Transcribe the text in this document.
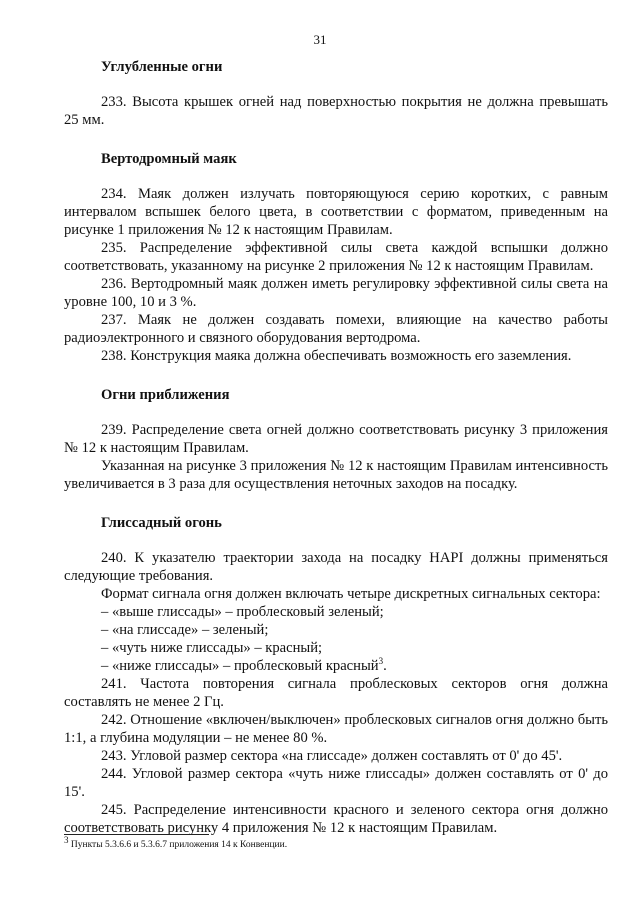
31

Углубленные огни

233. Высота крышек огней над поверхностью покрытия не должна превышать 25 мм.

Вертодромный маяк

234. Маяк должен излучать повторяющуюся серию коротких, с равным интервалом вспышек белого цвета, в соответствии с форматом, приведенным на рисунке 1 приложения № 12 к настоящим Правилам.

235. Распределение эффективной силы света каждой вспышки должно соответствовать, указанному на рисунке 2 приложения № 12 к настоящим Правилам.

236. Вертодромный маяк должен иметь регулировку эффективной силы света на уровне 100, 10 и 3 %.

237. Маяк не должен создавать помехи, влияющие на качество работы радиоэлектронного и связного оборудования вертодрома.

238. Конструкция маяка должна обеспечивать возможность его заземления.

Огни приближения

239. Распределение света огней должно соответствовать рисунку 3 приложения № 12 к настоящим Правилам.

Указанная на рисунке 3 приложения № 12 к настоящим Правилам интенсивность увеличивается в 3 раза для осуществления неточных заходов на посадку.

Глиссадный огонь

240. К указателю траектории захода на посадку HAPI должны применяться следующие требования.

Формат сигнала огня должен включать четыре дискретных сигнальных сектора:

– «выше глиссады» – проблесковый зеленый;

– «на глиссаде» – зеленый;

– «чуть ниже глиссады» – красный;

– «ниже глиссады» – проблесковый красный$^3$.

241. Частота повторения сигнала проблесковых секторов огня должна составлять не менее 2 Гц.

242. Отношение «включен/выключен» проблесковых сигналов огня должно быть 1:1, а глубина модуляции – не менее 80 %.

243. Угловой размер сектора «на глиссаде» должен составлять от 0' до 45'.

244. Угловой размер сектора «чуть ниже глиссады» должен составлять от 0' до 15'.

245. Распределение интенсивности красного и зеленого сектора огня должно соответствовать рисунку 4 приложения № 12 к настоящим Правилам.

3 Пункты 5.3.6.6 и 5.3.6.7 приложения 14 к Конвенции.
